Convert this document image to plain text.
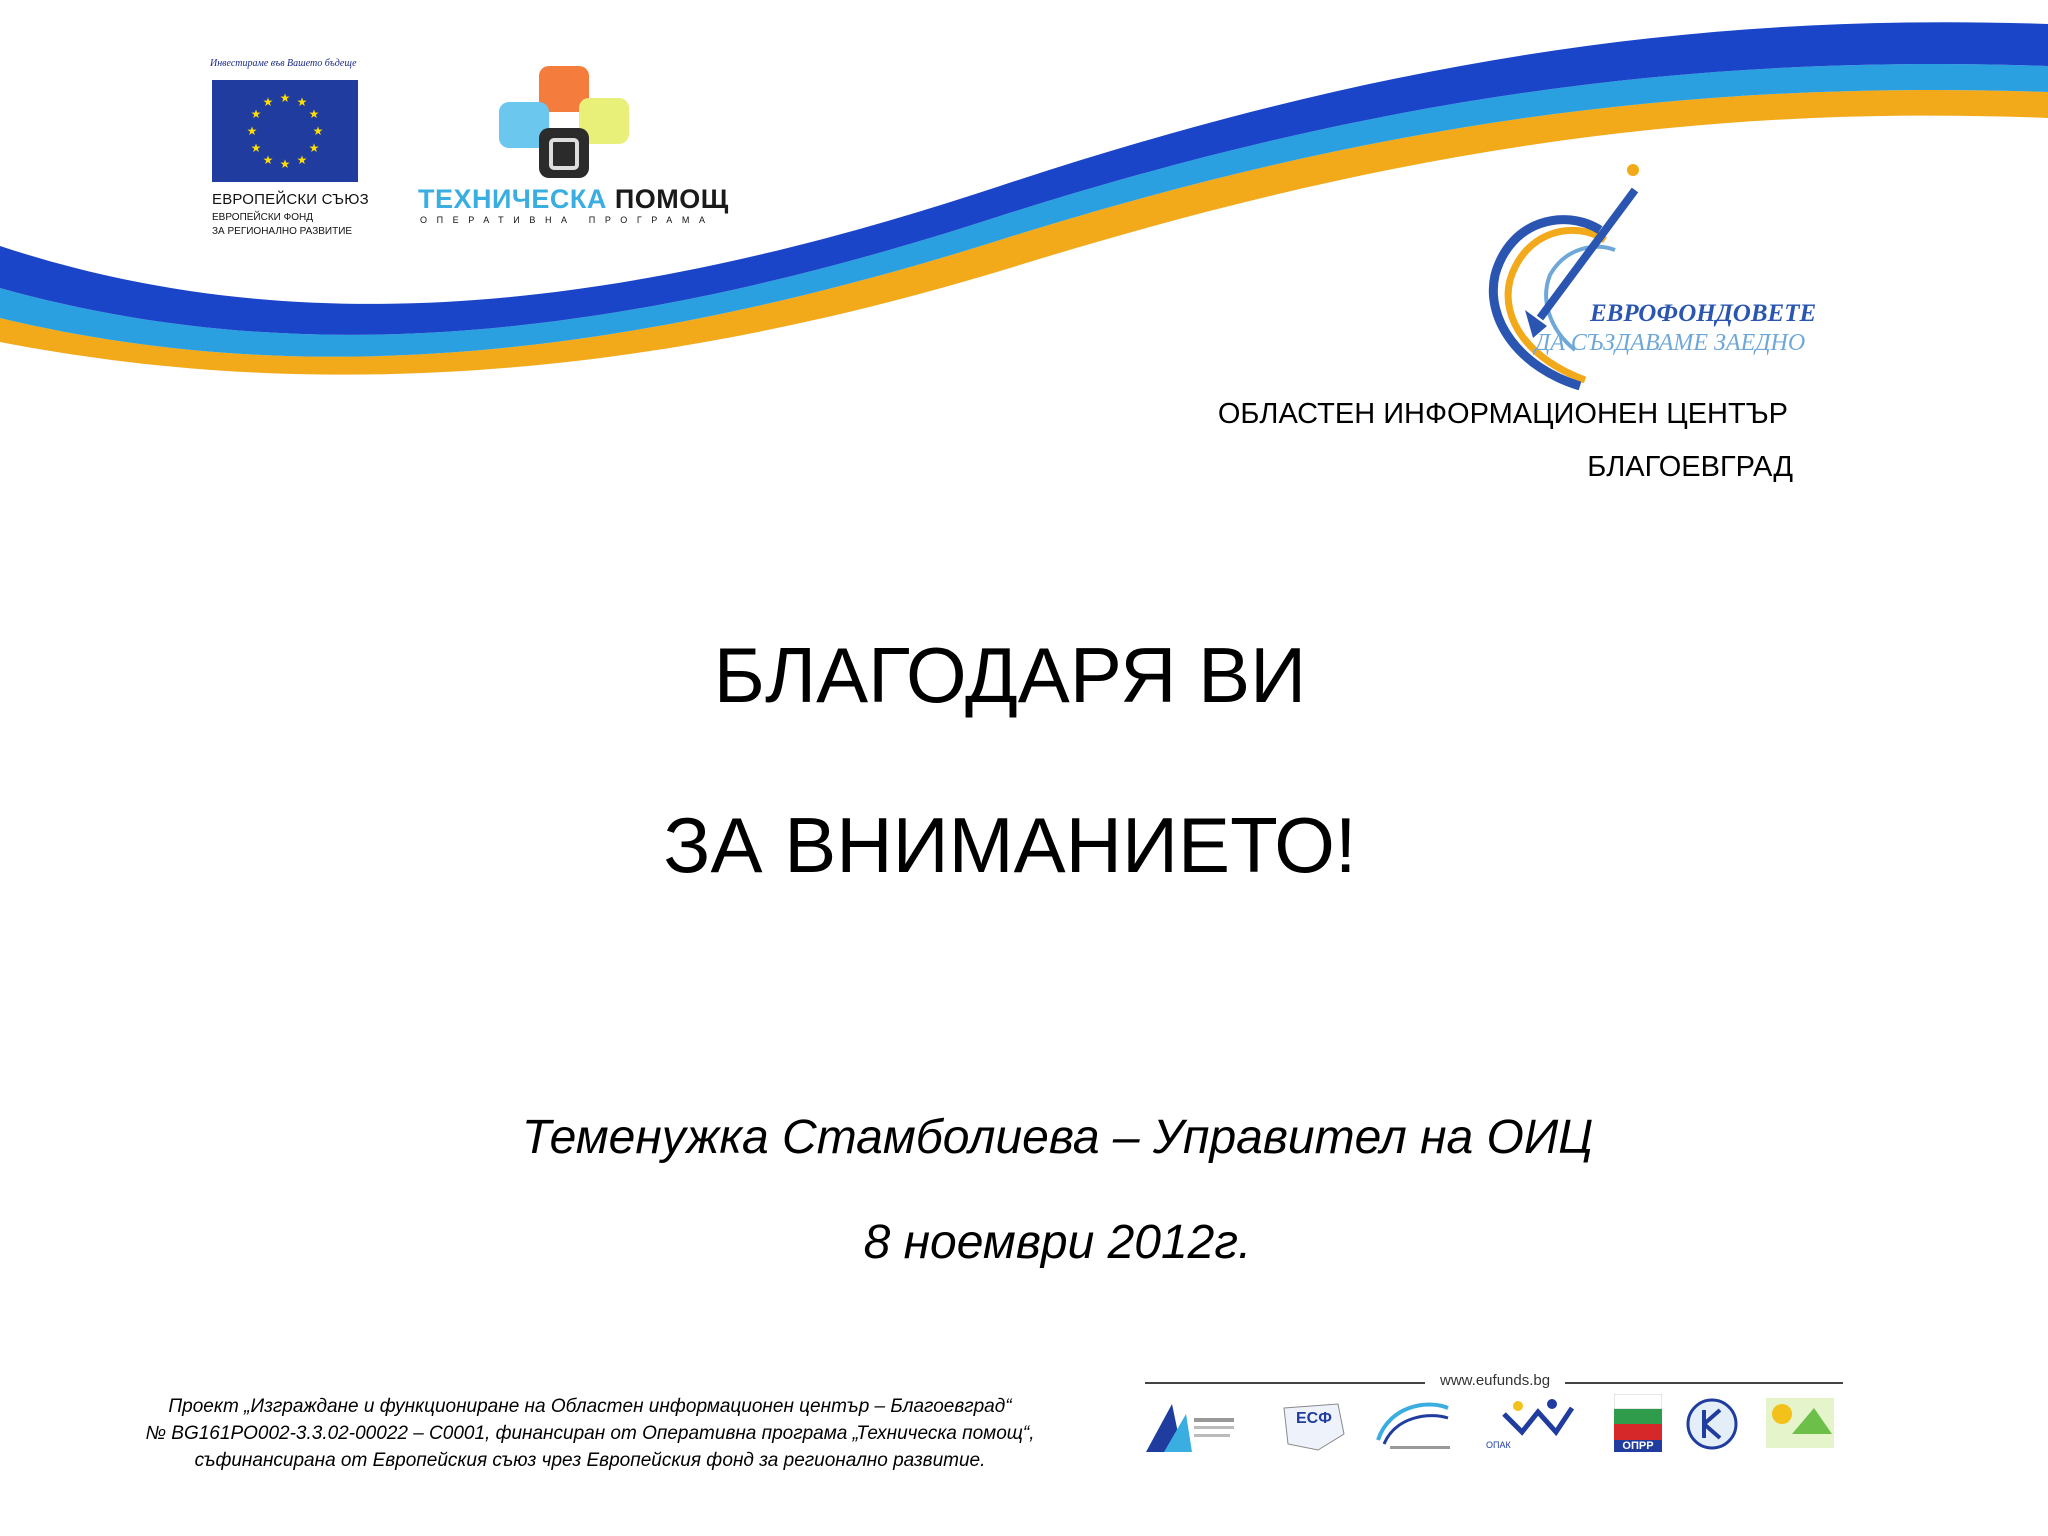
Инвестираме във Вашето бъдеще
★ ★
★
★
★
★
★
★
★
★
★
★
ЕВРОПЕЙСКИ СЪЮЗ
ЕВРОПЕЙСКИ ФОНД
ЗА РЕГИОНАЛНО РАЗВИТИЕ
ТЕХНИЧЕСКА ПОМОЩ
ОПЕРАТИВНА ПРОГРАМА
ЕВРОФОНДОВЕТЕ
ДА СЪЗДАВАМЕ ЗАЕДНО
ОБЛАСТЕН ИНФОРМАЦИОНЕН ЦЕНТЪР
БЛАГОЕВГРАД
БЛАГОДАРЯ ВИ
ЗА ВНИМАНИЕТО!
Теменужка Стамболиева – Управител на ОИЦ
8 ноември 2012г.
Проект „Изграждане и функциониране на Областен информационен център – Благоевград“
№ BG161PO002-3.3.02-00022 – C0001, финансиран от Оперативна програма „Техническа помощ“,
съфинансирана от Европейския съюз чрез Европейския фонд за регионално развитие.
www.eufunds.bg
ЕСФ
ОПАК	ОПРР
